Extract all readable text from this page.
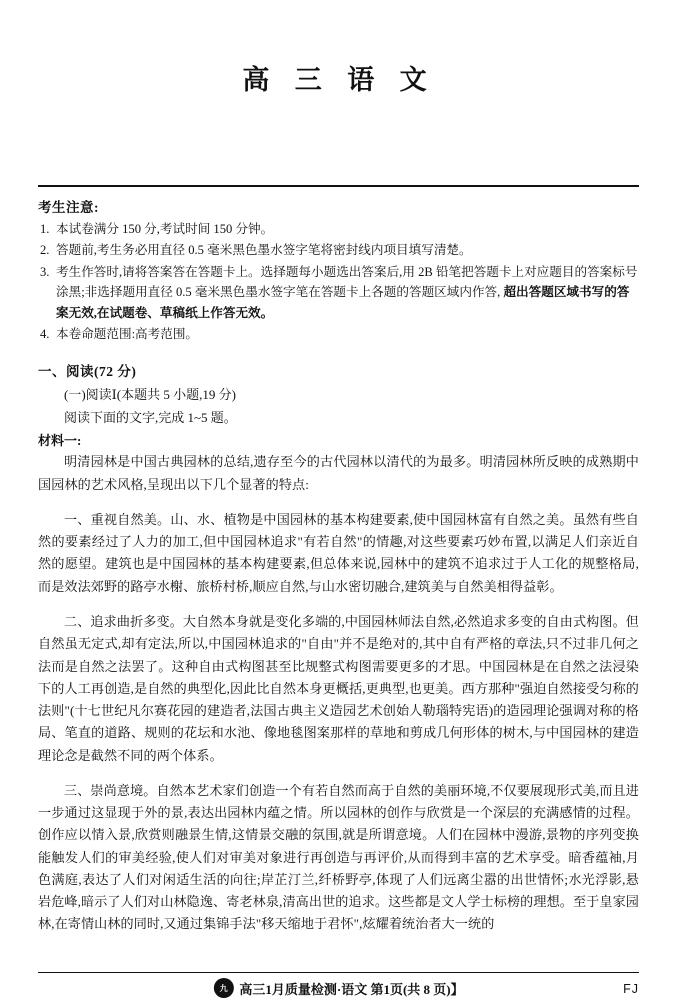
高 三 语 文
考生注意:
1. 本试卷满分 150 分,考试时间 150 分钟。
2. 答题前,考生务必用直径 0.5 毫米黑色墨水签字笔将密封线内项目填写清楚。
3. 考生作答时,请将答案答在答题卡上。选择题每小题选出答案后,用 2B 铅笔把答题卡上对应题目的答案标号涂黑;非选择题用直径 0.5 毫米黑色墨水签字笔在答题卡上各题的答题区域内作答, 超出答题区域书写的答案无效,在试题卷、草稿纸上作答无效。
4. 本卷命题范围:高考范围。
一、阅读(72 分)
(一)阅读Ⅰ(本题共 5 小题,19 分)
阅读下面的文字,完成 1~5 题。
材料一:

明清园林是中国古典园林的总结,遗存至今的古代园林以清代的为最多。明清园林所反映的成熟期中国园林的艺术风格,呈现出以下几个显著的特点:

一、重视自然美。山、水、植物是中国园林的基本构建要素,使中国园林富有自然之美。虽然有些自然的要素经过了人力的加工,但中国园林追求"有若自然"的情趣,对这些要素巧妙布置,以满足人们亲近自然的愿望。建筑也是中国园林的基本构建要素,但总体来说,园林中的建筑不追求过于人工化的规整格局,而是效法郊野的路亭水榭、旅桥村桥,顺应自然,与山水密切融合,建筑美与自然美相得益彰。

二、追求曲折多变。大自然本身就是变化多端的,中国园林师法自然,必然追求多变的自由式构图。但自然虽无定式,却有定法,所以,中国园林追求的"自由"并不是绝对的,其中自有严格的章法,只不过非几何之法而是自然之法罢了。这种自由式构图甚至比规整式构图需要更多的才思。中国园林是在自然之法浸染下的人工再创造,是自然的典型化,因此比自然本身更概括,更典型,也更美。西方那种"强迫自然接受匀称的法则"(十七世纪凡尔赛花园的建造者,法国古典主义造园艺术创始人勒瑙特宪语)的造园理论强调对称的格局、笔直的道路、规则的花坛和水池、像地毯图案那样的草地和剪成几何形体的树木,与中国园林的建造理论念是截然不同的两个体系。

三、崇尚意境。自然本艺术家们创造一个有若自然而高于自然的美丽环境,不仅要展现形式美,而且进一步通过这显现于外的景,表达出园林内蕴之情。所以园林的创作与欣赏是一个深层的充满感情的过程。创作应以情入景,欣赏则融景生情,这情景交融的氛围,就是所谓意境。人们在园林中漫游,景物的序列变换能触发人们的审美经验,使人们对审美对象进行再创造与再评价,从而得到丰富的艺术享受。暗香蕴袖,月色满庭,表达了人们对闲适生活的向往;岸芷汀兰,纤桥野亭,体现了人们远离尘嚣的出世情怀;水光浮影,悬岩危峰,暗示了人们对山林隐逸、寄老林泉,清高出世的追求。这些都是文人学士标榜的理想。至于皇家园林,在寄情山林的同时,又通过集锦手法"移天缩地于君怀",炫耀着统治者大一统的

九 高三1月质量检测·语文 第1页(共 8 页)】	FJ
